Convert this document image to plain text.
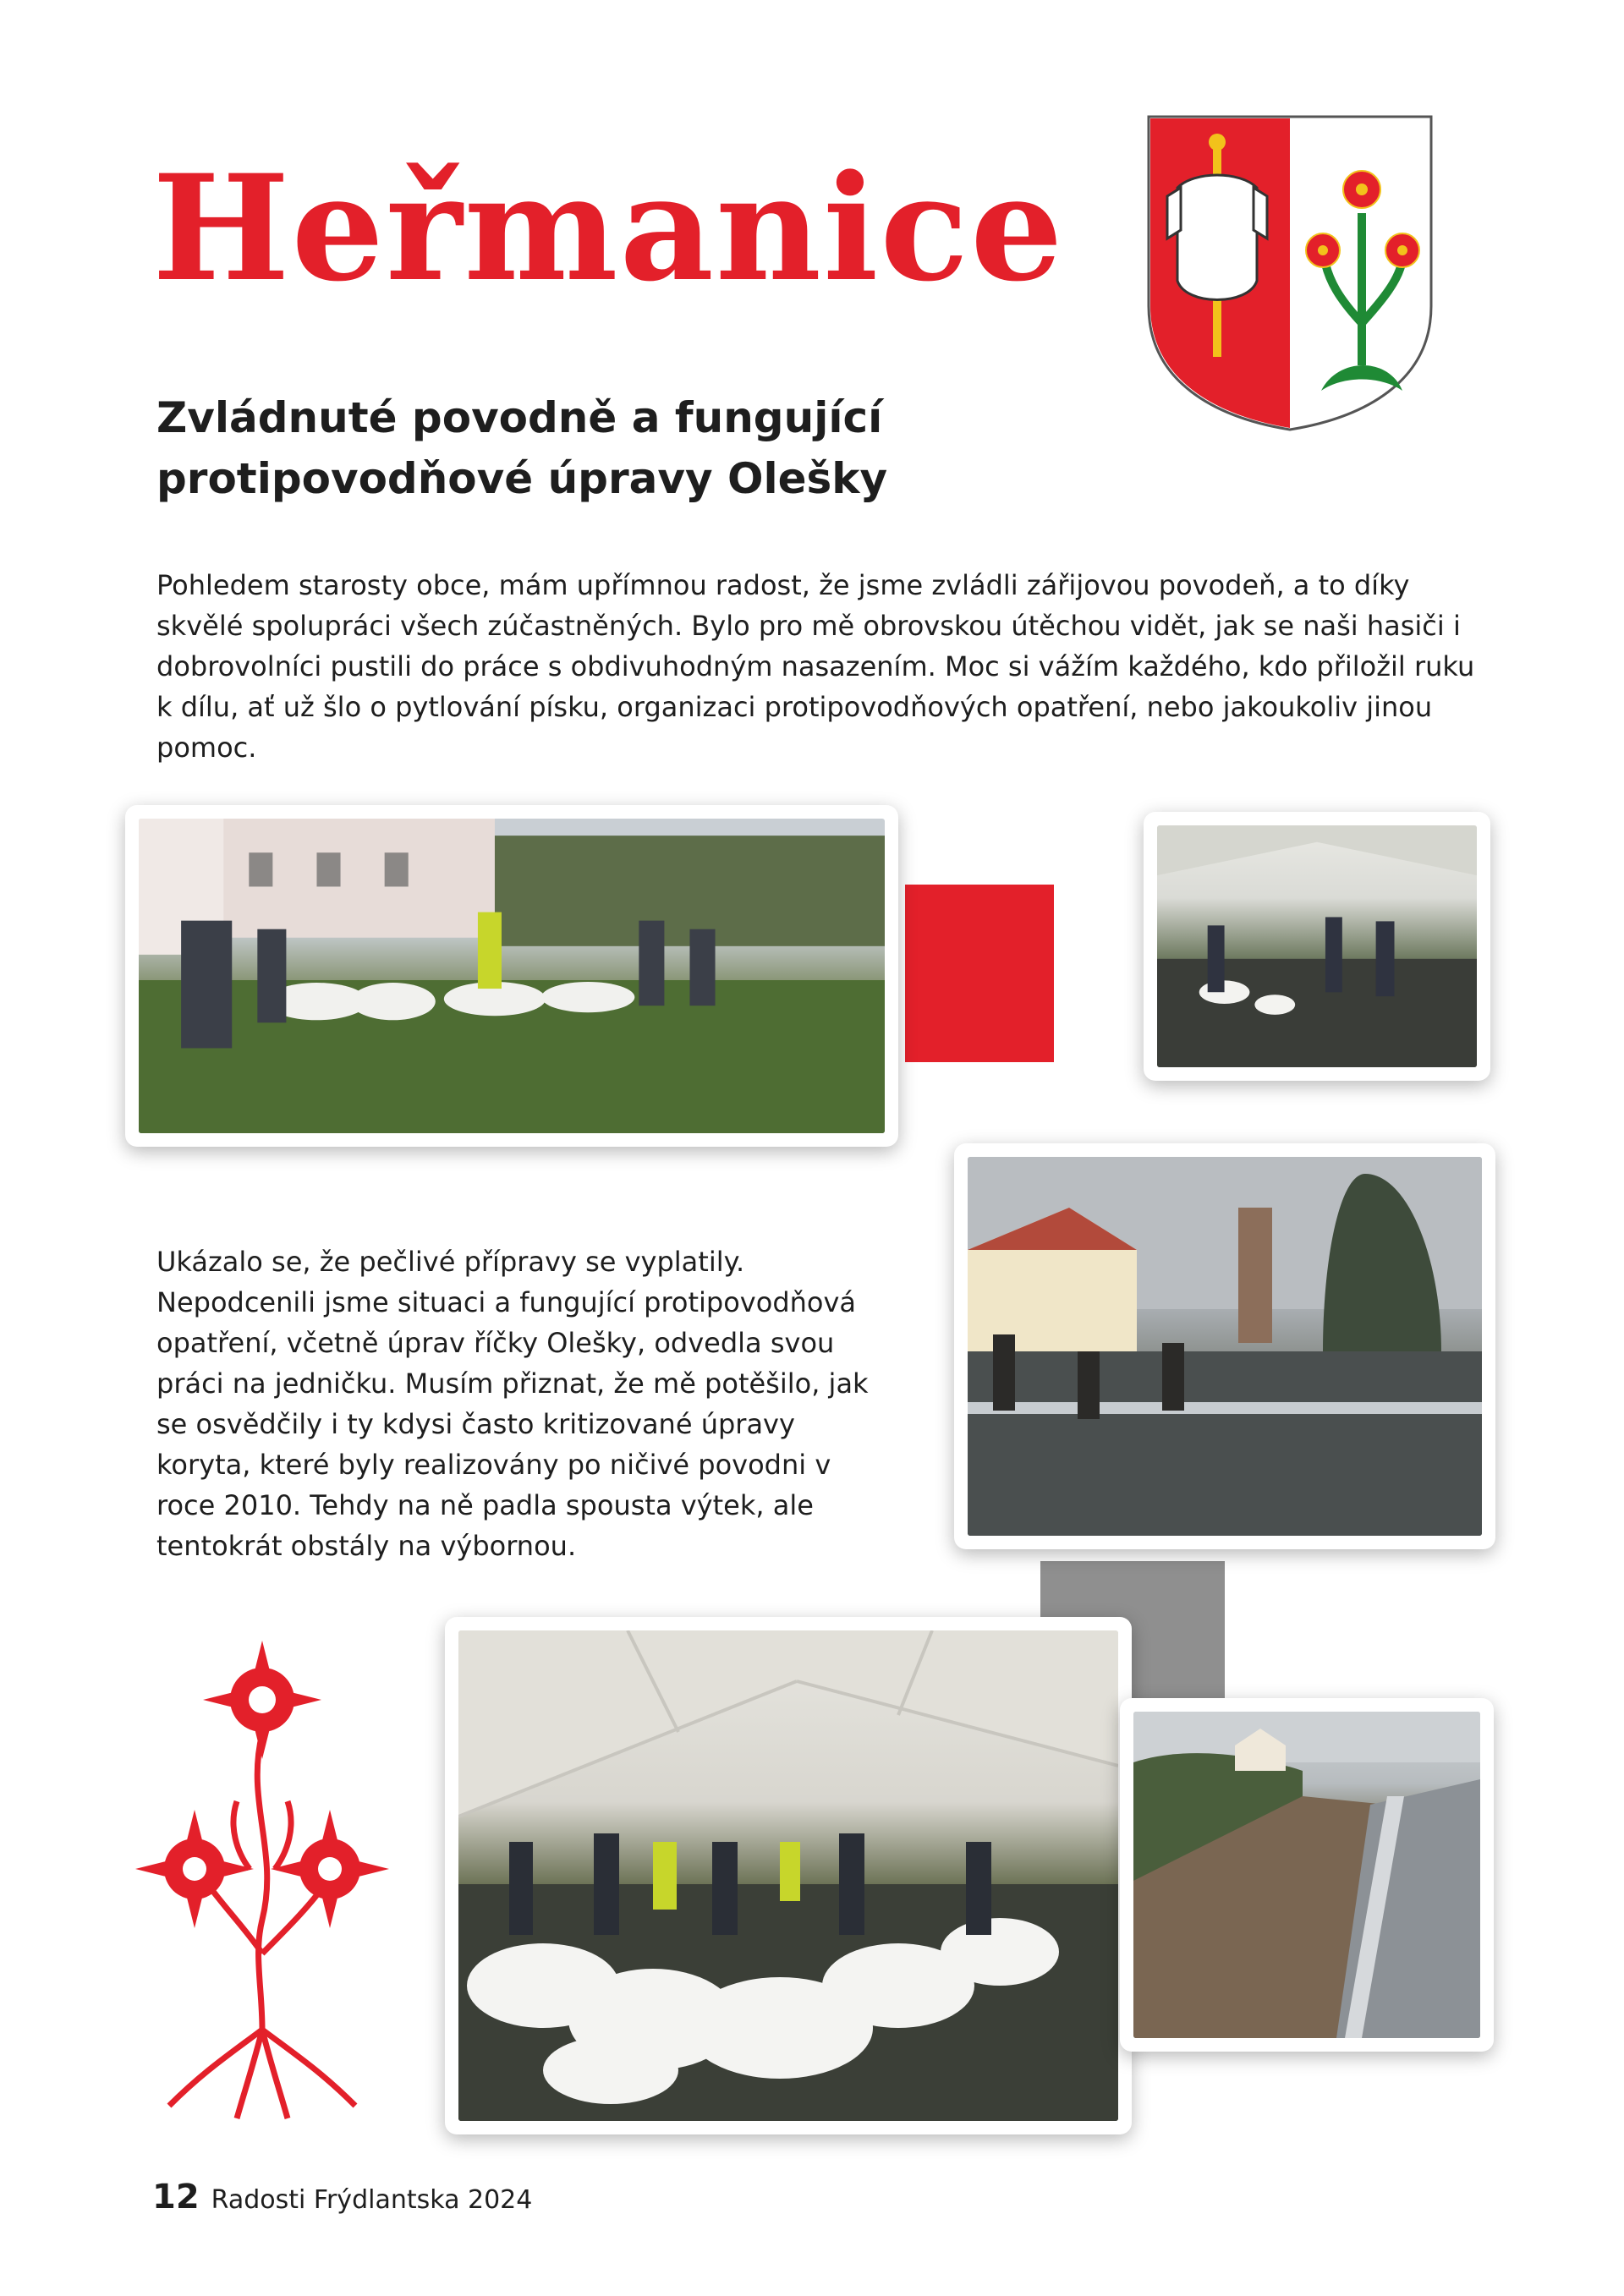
Heřmanice
Zvládnuté povodně a fungující
protipovodňové úpravy Olešky

Pohledem starosty obce, mám upřímnou radost, že jsme zvládli zářijovou povodeň, a to díky skvělé spolupráci všech zúčastněných. Bylo pro mě obrovskou útěchou vidět, jak se naši hasiči i dobrovolníci pustili do práce s obdivuhodným nasazením. Moc si vážím každého, kdo přiložil ruku k dílu, ať už šlo o pytlování písku, organizaci protipovodňových opatření, nebo jakoukoliv jinou pomoc.

Ukázalo se, že pečlivé přípravy se vyplatily. Nepodcenili jsme situaci a fungující protipovodňová opatření, včetně úprav říčky Olešky, odvedla svou práci na jedničku. Musím přiznat, že mě potěšilo, jak se osvědčily i ty kdysi často kritizované úpravy koryta, které byly realizovány po ničivé povodni v roce 2010. Tehdy na ně padla spousta výtek, ale tentokrát obstály na výbornou.

12 Radosti Frýdlantska 2024
